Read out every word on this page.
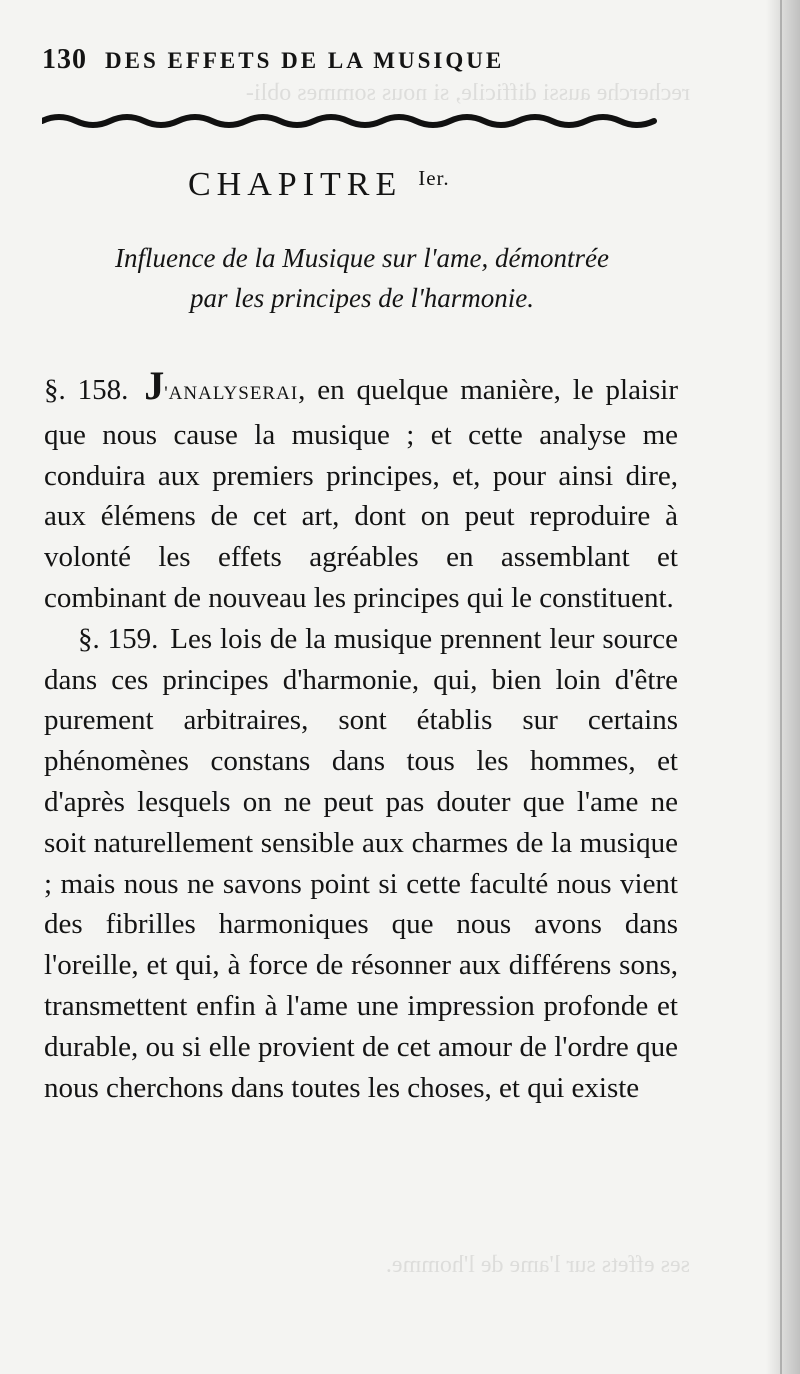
recherche aussi difficile, si nous sommes obli-
ses effets sur l'ame de l'homme.
130 DES EFFETS DE LA MUSIQUE
CHAPITRE $^{Ier.}$
Influence de la Musique sur l'ame, démontrée
par les principes de l'harmonie.

§. 158. J'ANALYSERAI, en quelque manière, le plaisir que nous cause la musique ; et cette analyse me conduira aux premiers principes, et, pour ainsi dire, aux élémens de cet art, dont on peut reproduire à volonté les effets agréables en assemblant et combinant de nouveau les principes qui le constituent.

§. 159. Les lois de la musique prennent leur source dans ces principes d'harmonie, qui, bien loin d'être purement arbitraires, sont établis sur certains phénomènes constans dans tous les hommes, et d'après lesquels on ne peut pas douter que l'ame ne soit naturellement sensible aux charmes de la musique ; mais nous ne savons point si cette faculté nous vient des fibrilles harmoniques que nous avons dans l'oreille, et qui, à force de résonner aux différens sons, transmettent enfin à l'ame une impression profonde et durable, ou si elle provient de cet amour de l'ordre que nous cherchons dans toutes les choses, et qui existe
